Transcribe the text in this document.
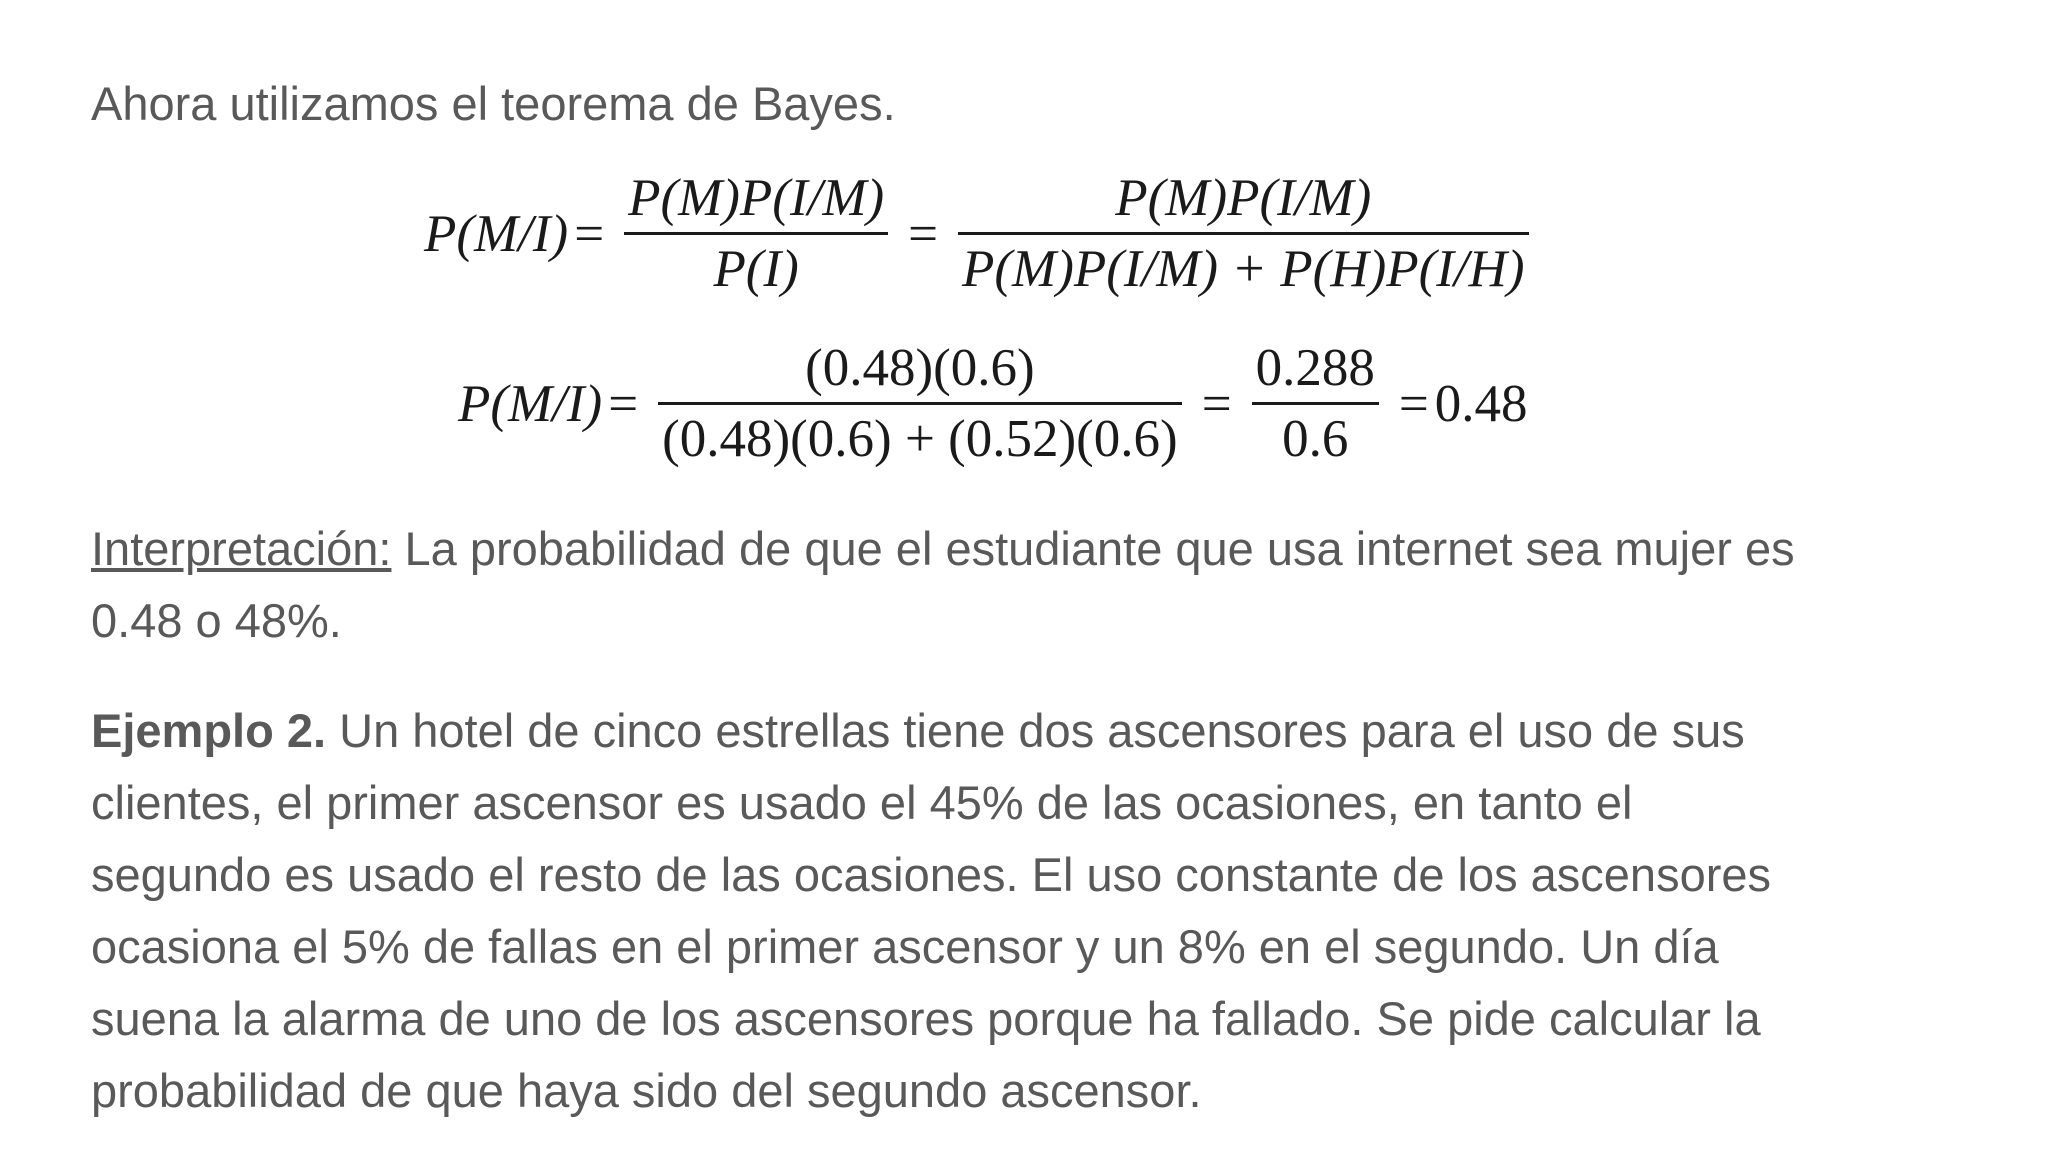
Ahora utilizamos el teorema de Bayes.

$P(M/I) = \frac{P(M)P(I/M)}{P(I)} = \frac{P(M)P(I/M)}{P(M)P(I/M) + P(H)P(I/H)}$
$P(M/I) = \frac{(0.48)(0.6)}{(0.48)(0.6) + (0.52)(0.6)} = \frac{0.288}{0.6} = 0.48$
Interpretación: La probabilidad de que el estudiante que usa internet sea mujer es
0.48 o 48%.
Ejemplo 2. Un hotel de cinco estrellas tiene dos ascensores para el uso de sus
clientes, el primer ascensor es usado el 45% de las ocasiones, en tanto el
segundo es usado el resto de las ocasiones. El uso constante de los ascensores
ocasiona el 5% de fallas en el primer ascensor y un 8% en el segundo. Un día
suena la alarma de uno de los ascensores porque ha fallado. Se pide calcular la
probabilidad de que haya sido del segundo ascensor.
